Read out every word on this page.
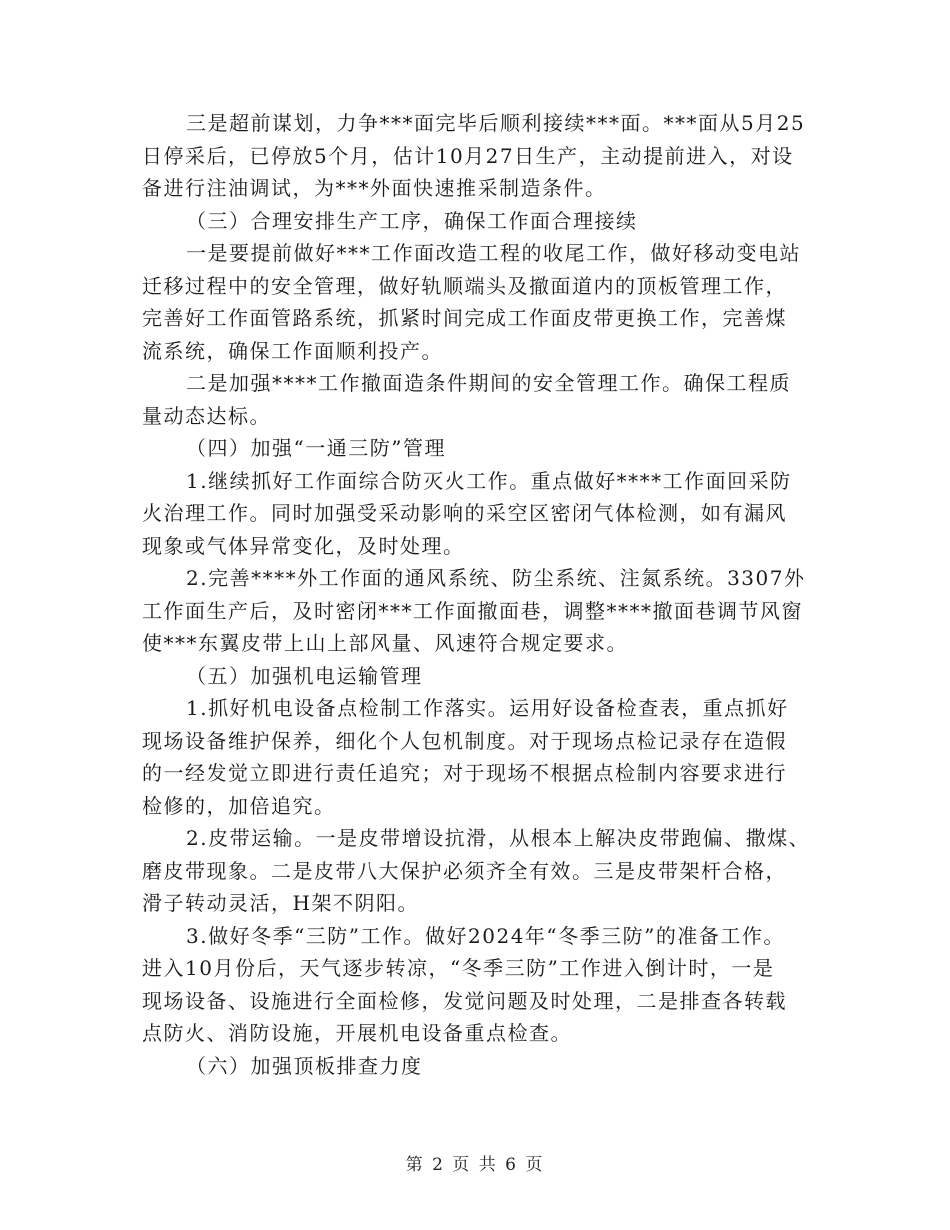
三是超前谋划，力争***面完毕后顺利接续***面。***面从5月25
日停采后，已停放5个月，估计10月27日生产，主动提前进入，对设
备进行注油调试，为***外面快速推采制造条件。
（三）合理安排生产工序，确保工作面合理接续
一是要提前做好***工作面改造工程的收尾工作，做好移动变电站
迁移过程中的安全管理，做好轨顺端头及撤面道内的顶板管理工作，
完善好工作面管路系统，抓紧时间完成工作面皮带更换工作，完善煤
流系统，确保工作面顺利投产。
二是加强****工作撤面造条件期间的安全管理工作。确保工程质
量动态达标。
（四）加强“一通三防”管理
1.继续抓好工作面综合防灭火工作。重点做好****工作面回采防
火治理工作。同时加强受采动影响的采空区密闭气体检测，如有漏风
现象或气体异常变化，及时处理。
2.完善****外工作面的通风系统、防尘系统、注氮系统。3307外
工作面生产后，及时密闭***工作面撤面巷，调整****撤面巷调节风窗
使***东翼皮带上山上部风量、风速符合规定要求。
（五）加强机电运输管理
1.抓好机电设备点检制工作落实。运用好设备检查表，重点抓好
现场设备维护保养，细化个人包机制度。对于现场点检记录存在造假
的一经发觉立即进行责任追究；对于现场不根据点检制内容要求进行
检修的，加倍追究。
2.皮带运输。一是皮带增设抗滑，从根本上解决皮带跑偏、撒煤、
磨皮带现象。二是皮带八大保护必须齐全有效。三是皮带架杆合格，
滑子转动灵活，H架不阴阳。
3.做好冬季“三防”工作。做好2024年“冬季三防”的准备工作。
进入10月份后，天气逐步转凉，“冬季三防”工作进入倒计时，一是
现场设备、设施进行全面检修，发觉问题及时处理，二是排查各转载
点防火、消防设施，开展机电设备重点检查。
（六）加强顶板排查力度
第 2 页 共 6 页
